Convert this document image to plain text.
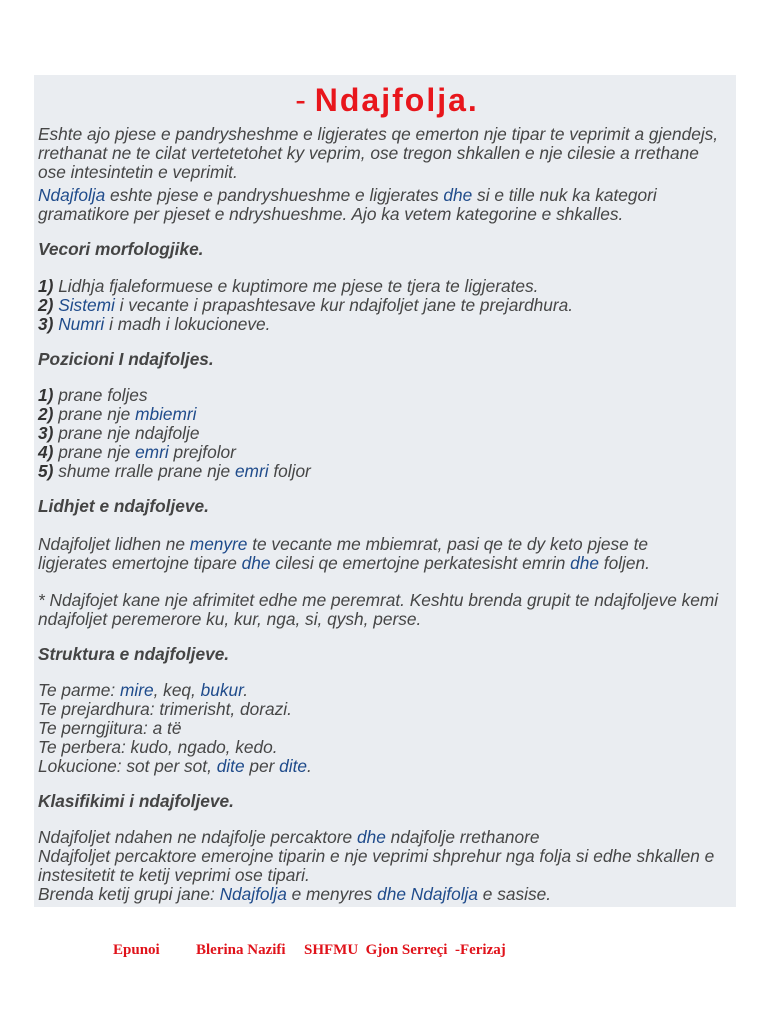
- Ndajfolja.
Eshte ajo pjese e pandrysheshme e ligjerates qe emerton nje tipar te veprimit a gjendejs,
rrethanat ne te cilat vertetetohet ky veprim, ose tregon shkallen e nje cilesie a rrethane
ose intesintetin e veprimit.
Ndajfolja eshte pjese e pandryshueshme e ligjerates dhe si e tille nuk ka kategori
gramatikore per pjeset e ndryshueshme. Ajo ka vetem kategorine e shkalles.
Vecori morfologjike.
1) Lidhja fjaleformuese e kuptimore me pjese te tjera te ligjerates.
2) Sistemi i vecante i prapashtesave kur ndajfoljet jane te prejardhura.
3) Numri i madh i lokucioneve.
Pozicioni I ndajfoljes.
1) prane foljes
2) prane nje mbiemri
3) prane nje ndajfolje
4) prane nje emri prejfolor
5) shume rralle prane nje emri foljor
Lidhjet e ndajfoljeve.
Ndajfoljet lidhen ne menyre te vecante me mbiemrat, pasi qe te dy keto pjese te
ligjerates emertojne tipare dhe cilesi qe emertojne perkatesisht emrin dhe foljen.
* Ndajfojet kane nje afrimitet edhe me peremrat. Keshtu brenda grupit te ndajfoljeve kemi
ndajfoljet peremerore ku, kur, nga, si, qysh, perse.
Struktura e ndajfoljeve.
Te parme: mire, keq, bukur.
Te prejardhura: trimerisht, dorazi.
Te perngjitura: a të
Te perbera: kudo, ngado, kedo.
Lokucione: sot per sot, dite per dite.
Klasifikimi i ndajfoljeve.
Ndajfoljet ndahen ne ndajfolje percaktore dhe ndajfolje rrethanore
Ndajfoljet percaktore emerojne tiparin e nje veprimi shprehur nga folja si edhe shkallen e
instesitetit te ketij veprimi ose tipari.
Brenda ketij grupi jane: Ndajfolja e menyres dhe Ndajfolja e sasise.
Epunoi Blerina Nazifi SHFMU  Gjon Serreçi  -Ferizaj
